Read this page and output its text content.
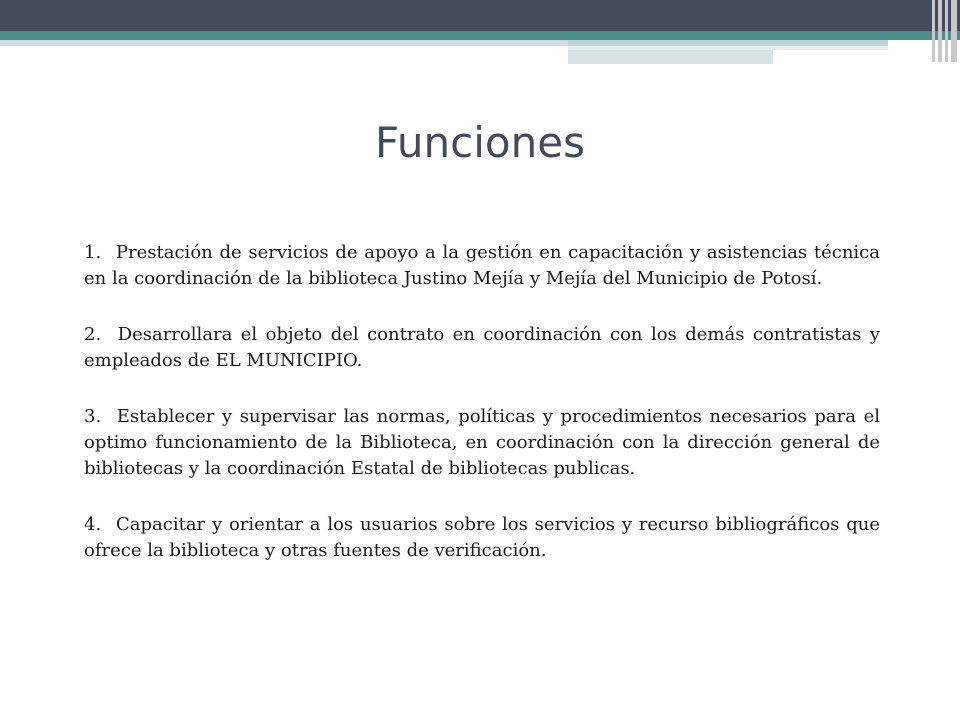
Funciones

1. Prestación de servicios de apoyo a la gestión en capacitación y asistencias técnica en la coordinación de la biblioteca Justino Mejía y Mejía del Municipio de Potosí.

2. Desarrollara el objeto del contrato en coordinación con los demás contratistas y empleados de EL MUNICIPIO.

3. Establecer y supervisar las normas, políticas y procedimientos necesarios para el optimo funcionamiento de la Biblioteca, en coordinación con la dirección general de bibliotecas y la coordinación Estatal de bibliotecas publicas.

4. Capacitar y orientar a los usuarios sobre los servicios y recurso bibliográficos que ofrece la biblioteca y otras fuentes de verificación.
